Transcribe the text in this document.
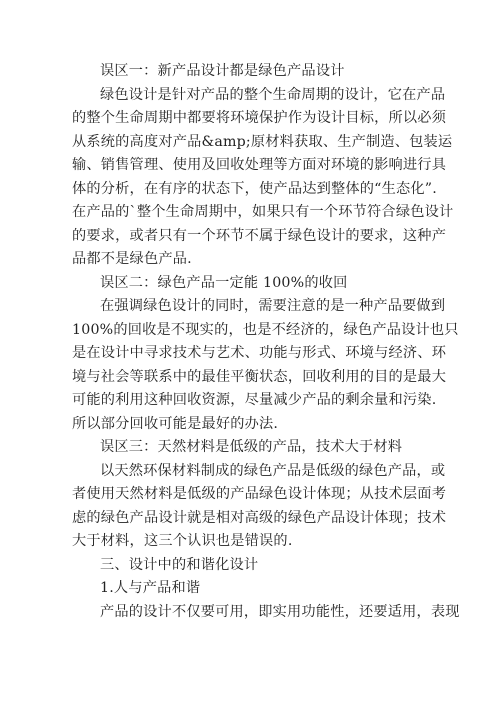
误区一：新产品设计都是绿色产品设计
绿色设计是针对产品的整个生命周期的设计，它在产品
的整个生命周期中都要将环境保护作为设计目标，所以必须
从系统的高度对产品&amp;原材料获取、生产制造、包装运
输、销售管理、使用及回收处理等方面对环境的影响进行具
体的分析，在有序的状态下，使产品达到整体的“生态化”.
在产品的`整个生命周期中，如果只有一个环节符合绿色设计
的要求，或者只有一个环节不属于绿色设计的要求，这种产
品都不是绿色产品.
误区二：绿色产品一定能 100%的收回
在强调绿色设计的同时，需要注意的是一种产品要做到
100%的回收是不现实的，也是不经济的，绿色产品设计也只
是在设计中寻求技术与艺术、功能与形式、环境与经济、环
境与社会等联系中的最佳平衡状态，回收利用的目的是最大
可能的利用这种回收资源，尽量减少产品的剩余量和污染.
所以部分回收可能是最好的办法.
误区三：天然材料是低级的产品，技术大于材料
以天然环保材料制成的绿色产品是低级的绿色产品，或
者使用天然材料是低级的产品绿色设计体现；从技术层面考
虑的绿色产品设计就是相对高级的绿色产品设计体现；技术
大于材料，这三个认识也是错误的.
三、设计中的和谐化设计
1.人与产品和谐
产品的设计不仅要可用，即实用功能性，还要适用，表现
